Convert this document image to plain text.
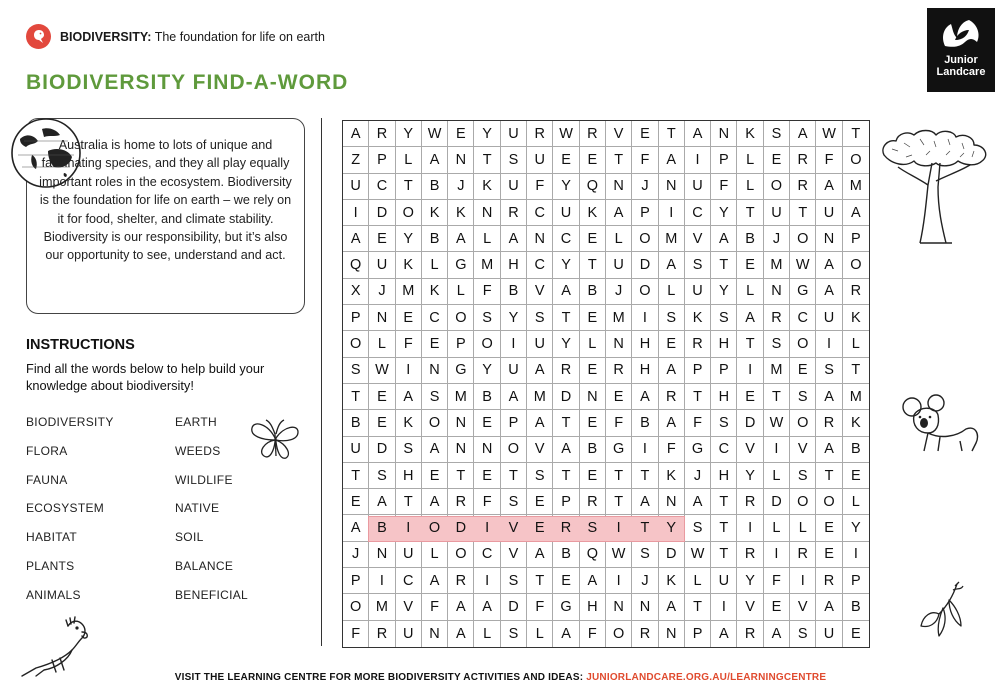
BIODIVERSITY: The foundation for life on earth
Junior
Landcare
BIODIVERSITY FIND-A-WORD
Australia is home to lots of unique and fascinating species, and they all play equally important roles in the ecosystem. Biodiversity is the foundation for life on earth – we rely on it for food, shelter, and climate stability. Biodiversity is our responsibility, but it’s also our opportunity to see, understand and act.
INSTRUCTIONS
Find all the words below to help build your knowledge about biodiversity!
BIODIVERSITY
FLORA
FAUNA
ECOSYSTEM
HABITAT
PLANTS
ANIMALS
EARTH
WEEDS
WILDLIFE
NATIVE
SOIL
BALANCE
BENEFICIAL
A R Y W E Y U R W R V E T A N K S A W T
Z P L A N T S U E E T F A I P L E R F O
U C T B J K U F Y Q N J N U F L O R A M
I D O K K N R C U K A P I C Y T U T U A
A E Y B A L A N C E L O M V A B J O N P
Q U K L G M H C Y T U D A S T E M W A O
X J M K L F B V A B J O L U Y L N G A R
P N E C O S Y S T E M I S K S A R C U K
O L F E P O I U Y L N H E R H T S O I L
S W I N G Y U A R E R H A P P I M E S T
T E A S M B A M D N E A R T H E T S A M
B E K O N E P A T E F B A F S D W O R K
U D S A N N O V A B G I F G C V I V A B
T S H E T E T S T E T T K J H Y L S T E
E A T A R F S E P R T A N A T R D O O L
A B I O D I V E R S I T Y S T I L L E Y
J N U L O C V A B Q W S D W T R I R E I
P I C A R I S T E A I J K L U Y F I R P
O M V F A A D F G H N N A T I V E V A B
F R U N A L S L A F O R N P A R A S U E
VISIT THE LEARNING CENTRE FOR MORE BIODIVERSITY ACTIVITIES AND IDEAS: JUNIORLANDCARE.ORG.AU/LEARNINGCENTRE
